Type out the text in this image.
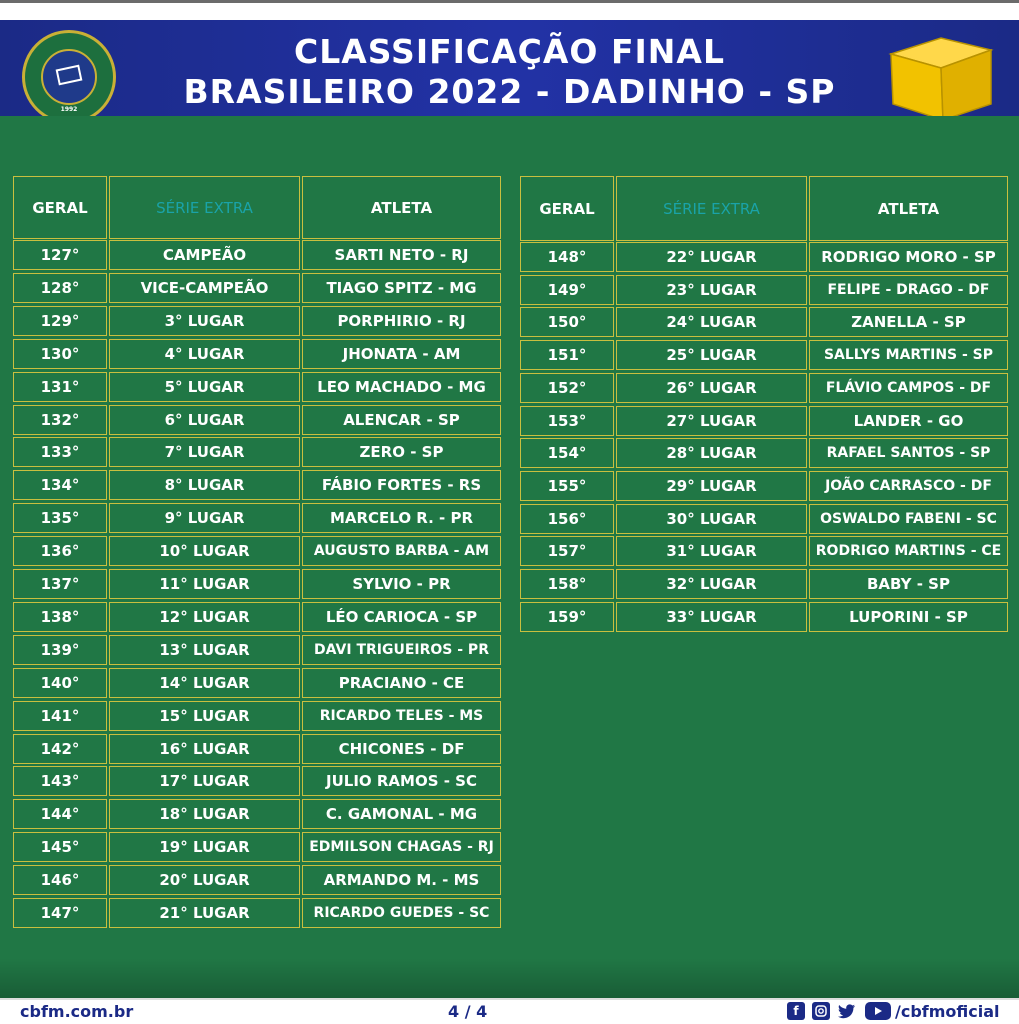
1992
CLASSIFICAÇÃO FINAL
BRASILEIRO 2022 - DADINHO - SP
GERAL	SÉRIE EXTRA	ATLETA
127°	CAMPEÃO	SARTI NETO - RJ
128°	VICE-CAMPEÃO	TIAGO SPITZ - MG
129°	3° LUGAR	PORPHIRIO - RJ
130°	4° LUGAR	JHONATA - AM
131°	5° LUGAR	LEO MACHADO - MG
132°	6° LUGAR	ALENCAR - SP
133°	7° LUGAR	ZERO - SP
134°	8° LUGAR	FÁBIO FORTES - RS
135°	9° LUGAR	MARCELO R. - PR
136°	10° LUGAR	AUGUSTO BARBA - AM
137°	11° LUGAR	SYLVIO - PR
138°	12° LUGAR	LÉO CARIOCA - SP
139°	13° LUGAR	DAVI TRIGUEIROS - PR
140°	14° LUGAR	PRACIANO - CE
141°	15° LUGAR	RICARDO TELES - MS
142°	16° LUGAR	CHICONES - DF
143°	17° LUGAR	JULIO RAMOS - SC
144°	18° LUGAR	C. GAMONAL - MG
145°	19° LUGAR	EDMILSON CHAGAS - RJ
146°	20° LUGAR	ARMANDO M. - MS
147°	21° LUGAR	RICARDO GUEDES - SC
GERAL	SÉRIE EXTRA	ATLETA
148°	22° LUGAR	RODRIGO MORO - SP
149°	23° LUGAR	FELIPE - DRAGO - DF
150°	24° LUGAR	ZANELLA - SP
151°	25° LUGAR	SALLYS MARTINS - SP
152°	26° LUGAR	FLÁVIO CAMPOS - DF
153°	27° LUGAR	LANDER - GO
154°	28° LUGAR	RAFAEL SANTOS - SP
155°	29° LUGAR	JOÃO CARRASCO - DF
156°	30° LUGAR	OSWALDO FABENI - SC
157°	31° LUGAR	RODRIGO MARTINS - CE
158°	32° LUGAR	BABY - SP
159°	33° LUGAR	LUPORINI - SP
cbfm.com.br	4 / 4	f	/cbfmoficial
